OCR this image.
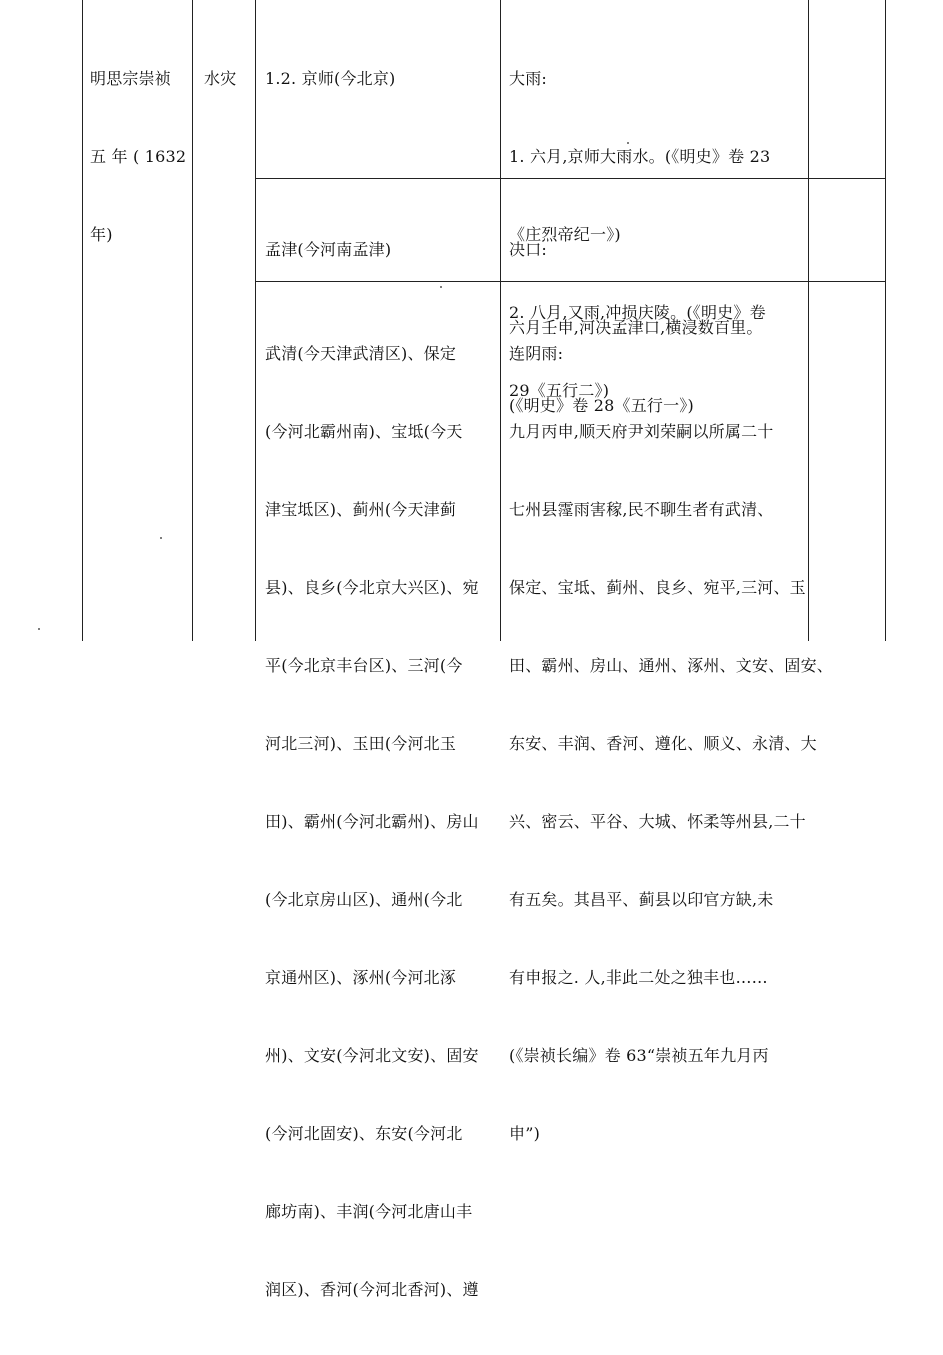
明思宗崇祯

五 年 ( 1632

年)

水灾

1.2. 京师(今北京)

	大雨:

1. 六月,京师大雨水。(《明史》卷 23

《庄烈帝纪一》)

2. 八月,又雨,冲损庆陵。(《明史》卷

29《五行二》)

孟津(今河南孟津)

	决口:

六月壬申,河决孟津口,横浸数百里。

(《明史》卷 28《五行一》)

武清(今天津武清区)、保定

(今河北霸州南)、宝坻(今天

津宝坻区)、蓟州(今天津蓟

县)、良乡(今北京大兴区)、宛

平(今北京丰台区)、三河(今

河北三河)、玉田(今河北玉

田)、霸州(今河北霸州)、房山

(今北京房山区)、通州(今北

京通州区)、涿州(今河北涿

州)、文安(今河北文安)、固安

(今河北固安)、东安(今河北

廊坊南)、丰润(今河北唐山丰

润区)、香河(今河北香河)、遵

连阴雨:

九月丙申,顺天府尹刘荣嗣以所属二十

七州县霪雨害稼,民不聊生者有武清、

保定、宝坻、蓟州、良乡、宛平,三河、玉

田、霸州、房山、通州、涿州、文安、固安、

东安、丰润、香河、遵化、顺义、永清、大

兴、密云、平谷、大城、怀柔等州县,二十

有五矣。其昌平、蓟县以印官方缺,未

有申报之. 人,非此二处之独丰也……

(《崇祯长编》卷 63“崇祯五年九月丙

申”)
